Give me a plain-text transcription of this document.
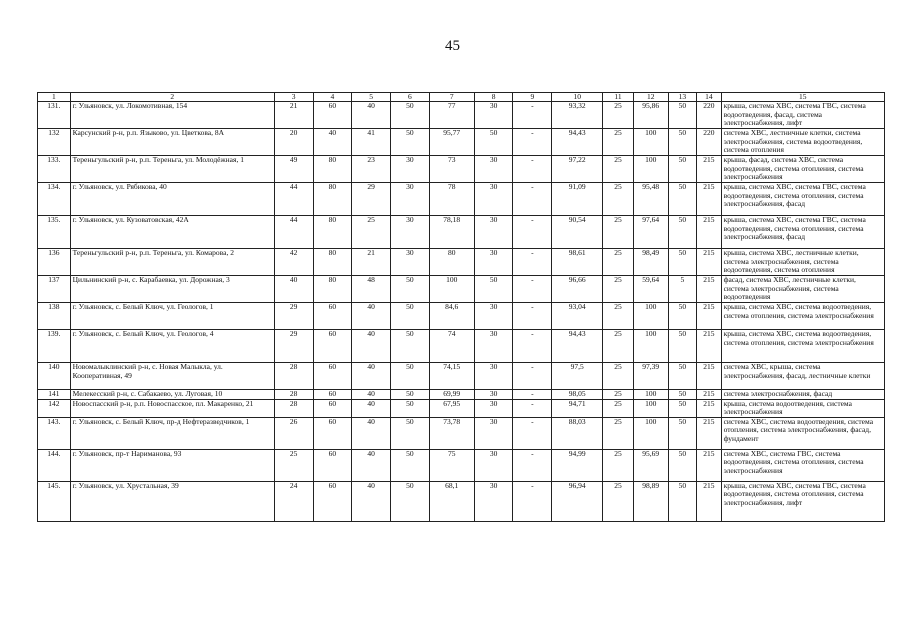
45
1	2	3	4	5	6	7	8	9	10	11	12	13	14	15
131.	г. Ульяновск, ул. Локомотивная, 154	21	60	40	50	77	30	-	93,32	25	95,86	50	220	крыша, система ХВС, система ГВС, система водоотведения, фасад, система электроснабжения, лифт
132	Карсунский р-н, р.п. Языково, ул. Цветкова, 8А	20	40	41	50	95,77	50	-	94,43	25	100	50	220	система ХВС, лестничные клетки, система электроснабжения, система водоотведения, система отопления
133.	Тереньгульский р-н, р.п. Тереньга, ул. Молодёжная, 1	49	80	23	30	73	30	-	97,22	25	100	50	215	крыша, фасад, система ХВС, система водоотведения, система отопления, система электроснабжения
134.	г. Ульяновск, ул. Рябикова, 40	44	80	29	30	78	30	-	91,09	25	95,48	50	215	крыша, система ХВС, система ГВС, система водоотведения, система отопления, система электроснабжения, фасад
135.	г. Ульяновск, ул. Кузоватовская, 42А	44	80	25	30	78,18	30	-	90,54	25	97,64	50	215	крыша, система ХВС, система ГВС, система водоотведения, система отопления, система электроснабжения, фасад
136	Тереньгульский р-н, р.п. Тереньга, ул. Комарова, 2	42	80	21	30	80	30	-	98,61	25	98,49	50	215	крыша, система ХВС, лестничные клетки, система электроснабжения, система водоотведения, система отопления
137	Цильнинский р-н, с. Карабаевка, ул. Дорожная, 3	40	80	48	50	100	50	-	96,66	25	59,64	5	215	фасад, система ХВС, лестничные клетки, система электроснабжения, система водоотведения
138	г. Ульяновск, с. Белый Ключ, ул. Геологов, 1	29	60	40	50	84,6	30	-	93,04	25	100	50	215	крыша, система ХВС, система водоотведения, система отопления, система электроснабжения
139.	г. Ульяновск, с. Белый Ключ, ул. Геологов, 4	29	60	40	50	74	30	-	94,43	25	100	50	215	крыша, система ХВС, система водоотведения, система отопления, система электроснабжения
140	Новомалыклинский р-н, с. Новая Малыкла, ул. Кооперативная, 49	28	60	40	50	74,15	30	-	97,5	25	97,39	50	215	система ХВС, крыша, система электроснабжения, фасад, лестничные клетки
141	Мелекесский р-н, с. Сабакаево, ул. Луговая, 10	28	60	40	50	69,99	30	-	98,05	25	100	50	215	система электроснабжения, фасад
142	Новоспасский р-н, р.п. Новоспасское, пл. Макаренко, 21	28	60	40	50	67,95	30	-	94,71	25	100	50	215	крыша, система водоотведения, система электроснабжения
143.	г. Ульяновск, с. Белый Ключ, пр-д Нефтеразведчиков, 1	26	60	40	50	73,78	30	-	88,03	25	100	50	215	система ХВС, система водоотведения, система отопления, система электроснабжения, фасад, фундамент
144.	г. Ульяновск, пр-т Нариманова, 93	25	60	40	50	75	30	-	94,99	25	95,69	50	215	система ХВС, система ГВС, система водоотведения, система отопления, система электроснабжения
145.	г. Ульяновск, ул. Хрустальная, 39	24	60	40	50	68,1	30	-	96,94	25	98,89	50	215	крыша, система ХВС, система ГВС, система водоотведения, система отопления, система электроснабжения, лифт
